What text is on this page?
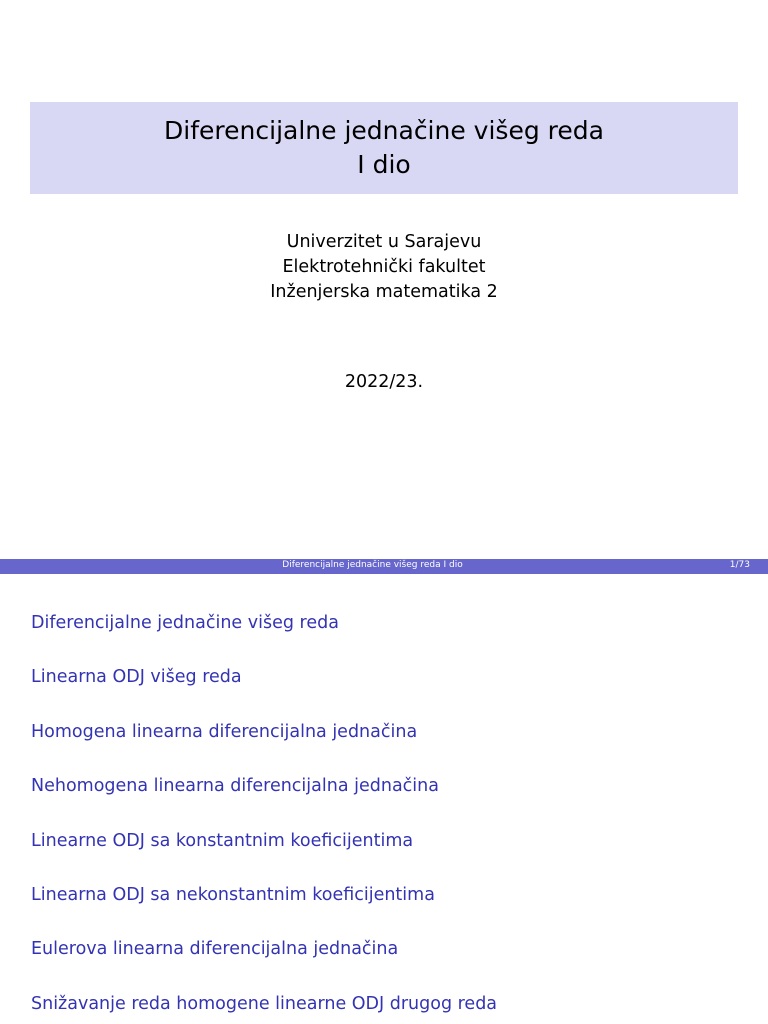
Diferencijalne jednačine višeg reda
I dio
Univerzitet u Sarajevu
Elektrotehnički fakultet
Inženjerska matematika 2
2022/23.
Diferencijalne jednačine višeg reda I dio	1/73
Diferencijalne jednačine višeg reda
Linearna ODJ višeg reda
Homogena linearna diferencijalna jednačina
Nehomogena linearna diferencijalna jednačina
Linearne ODJ sa konstantnim koeficijentima
Linearna ODJ sa nekonstantnim koeficijentima
Eulerova linearna diferencijalna jednačina
Snižavanje reda homogene linearne ODJ drugog reda
